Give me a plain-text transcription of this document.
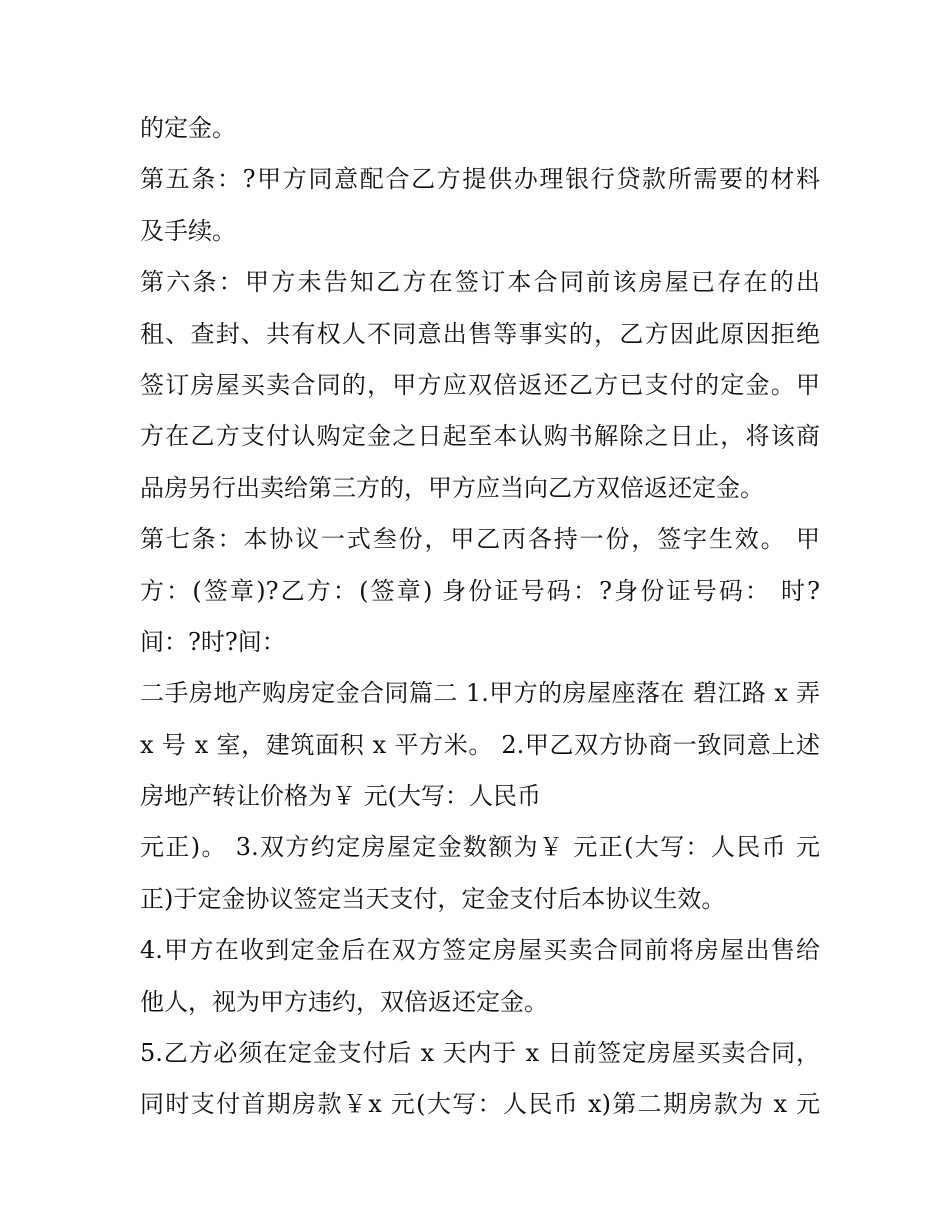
的定金。
第五条：?甲方同意配合乙方提供办理银行贷款所需要的材料
及手续。
第六条：甲方未告知乙方在签订本合同前该房屋已存在的出
租、查封、共有权人不同意出售等事实的，乙方因此原因拒绝
签订房屋买卖合同的，甲方应双倍返还乙方已支付的定金。甲
方在乙方支付认购定金之日起至本认购书解除之日止，将该商
品房另行出卖给第三方的，甲方应当向乙方双倍返还定金。
第七条：本协议一式叁份，甲乙丙各持一份，签字生效。 甲
方：(签章)?乙方：(签章) 身份证号码：?身份证号码： 时?
间：?时?间：
二手房地产购房定金合同篇二 1.甲方的房屋座落在 碧江路 x 弄
x 号 x 室，建筑面积 x 平方米。 2.甲乙双方协商一致同意上述
房地产转让价格为￥ 元(大写：人民币
元正)。 3.双方约定房屋定金数额为￥ 元正(大写：人民币 元
正)于定金协议签定当天支付，定金支付后本协议生效。
4.甲方在收到定金后在双方签定房屋买卖合同前将房屋出售给
他人，视为甲方违约，双倍返还定金。
5.乙方必须在定金支付后 x 天内于 x 日前签定房屋买卖合同，
同时支付首期房款￥x 元(大写：人民币 x)第二期房款为 x 元
